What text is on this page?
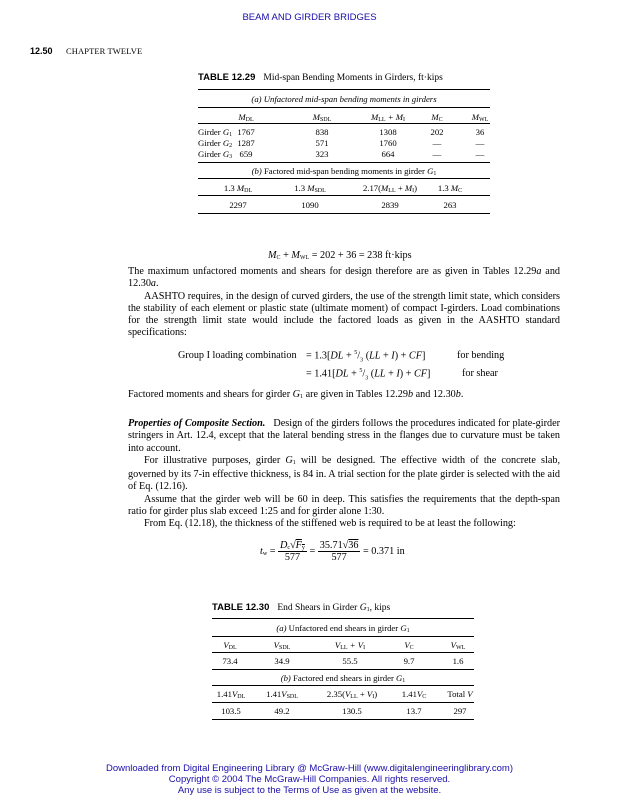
BEAM AND GIRDER BRIDGES
12.50 CHAPTER TWELVE
TABLE 12.29 Mid-span Bending Moments in Girders, ft·kips
(a) Unfactored mid-span bending moments in girders
MDL	MSDL	MLL + MI	MC	MWL
Girder G1 1767	838	1308	202	36
Girder G2 1287	571	1760	—	—
Girder G3 659	323	664	—	—
(b) Factored mid-span bending moments in girder G1
1.3 MDL	1.3 MSDL	2.17(MLL + MI)	1.3 MC
2297	1090	2839	263
MC + MWL = 202 + 36 = 238 ft·kips

The maximum unfactored moments and shears for design therefore are as given in Tables 12.29a and 12.30a.

AASHTO requires, in the design of curved girders, the use of the strength limit state, which considers the stability of each element or plastic state (ultimate moment) of compact I-girders. Load combinations for the strength limit state would include the factored loads as given in the AASHTO standard specifications:

Group I loading combination = $1.3[DL + ^5/_3$ (LL + I) + CF]	for bending
= $1.41[DL + ^5/_3$ (LL + I) + CF]	for shear

Factored moments and shears for girder G1 are given in Tables 12.29b and 12.30b.

Properties of Composite Section.   Design of the girders follows the procedures indicated for plate-girder stringers in Art. 12.4, except that the lateral bending stress in the flanges due to curvature must be taken into account.

For illustrative purposes, girder G1 will be designed. The effective width of the concrete slab, governed by its 7-in effective thickness, is 84 in. A trial section for the plate girder is selected with the aid of Eq. (12.16).

Assume that the girder web will be 60 in deep. This satisfies the requirements that the depth-span ratio for girder plus slab exceed 1:25 and for girder alone 1:30.

From Eq. (12.18), the thickness of the stiffened web is required to be at least the following:

tw = $\frac{Dc√Fy}{577} = \frac{35.71√36}{577} = 0.371$ in
TABLE 12.30 End Shears in Girder G1, kips
(a) Unfactored end shears in girder G1
VDL	VSDL	VLL + VI	VC	VWL
73.4	34.9	55.5	9.7	1.6
(b) Factored end shears in girder G1
1.41VDL	1.41VSDL	2.35(VLL + VI)	1.41VC	Total V
103.5	49.2	130.5	13.7	297
Downloaded from Digital Engineering Library @ McGraw-Hill (www.digitalengineeringlibrary.com)
Copyright © 2004 The McGraw-Hill Companies. All rights reserved.
Any use is subject to the Terms of Use as given at the website.
